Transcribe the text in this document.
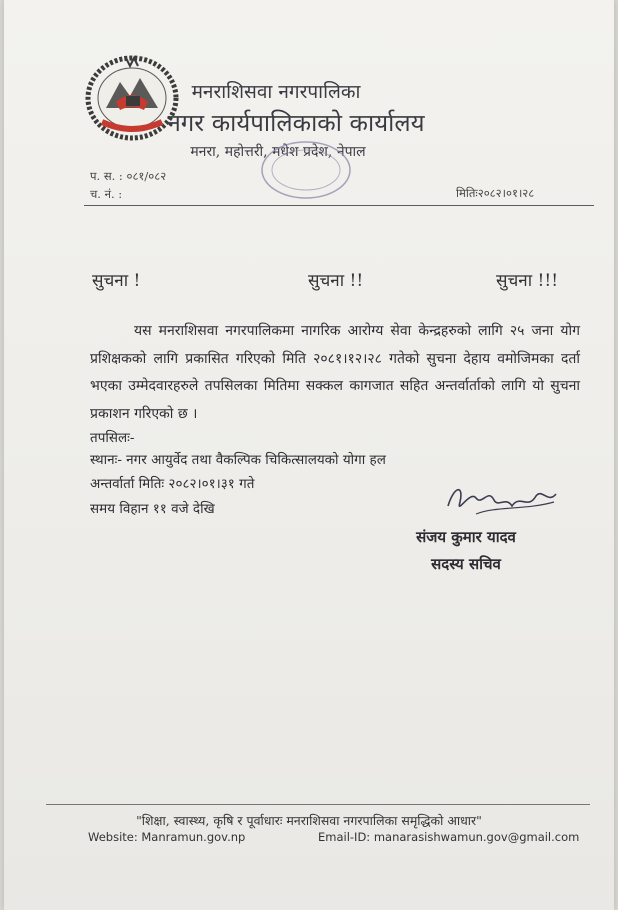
मनराशिसवा नगरपालिका
नगर कार्यपालिकाको कार्यालय
मनरा, महोत्तरी, मधेश प्रदेश, नेपाल
प. स. : ०८१/०८२
च. नं. :	मितिः२०८२।०१।२८
सुचना !	सुचना !!	सुचना !!!
यस मनराशिसवा नगरपालिकमा नागरिक आरोग्य सेवा केन्द्रहरुको लागि २५ जना योग प्रशिक्षकको लागि प्रकासित गरिएको मिति २०८१।१२।२८ गतेको सुचना देहाय वमोजिमका दर्ता भएका उम्मेदवारहरुले तपसिलका मितिमा सक्कल कागजात सहित अन्तर्वार्ताको लागि यो सुचना प्रकाशन गरिएको छ ।
तपसिलः-
स्थानः- नगर आयुर्वेद तथा वैकल्पिक चिकित्सालयको योगा हल
अन्तर्वार्ता मितिः २०८२।०१।३१ गते
समय विहान ११ वजे देखि
संजय कुमार यादव
सदस्य सचिव
"शिक्षा, स्वास्थ्य, कृषि र पूर्वाधारः मनराशिसवा नगरपालिका समृद्धिको आधार"
Website: Manramun.gov.np	Email-ID: manarasishwamun.gov@gmail.com
